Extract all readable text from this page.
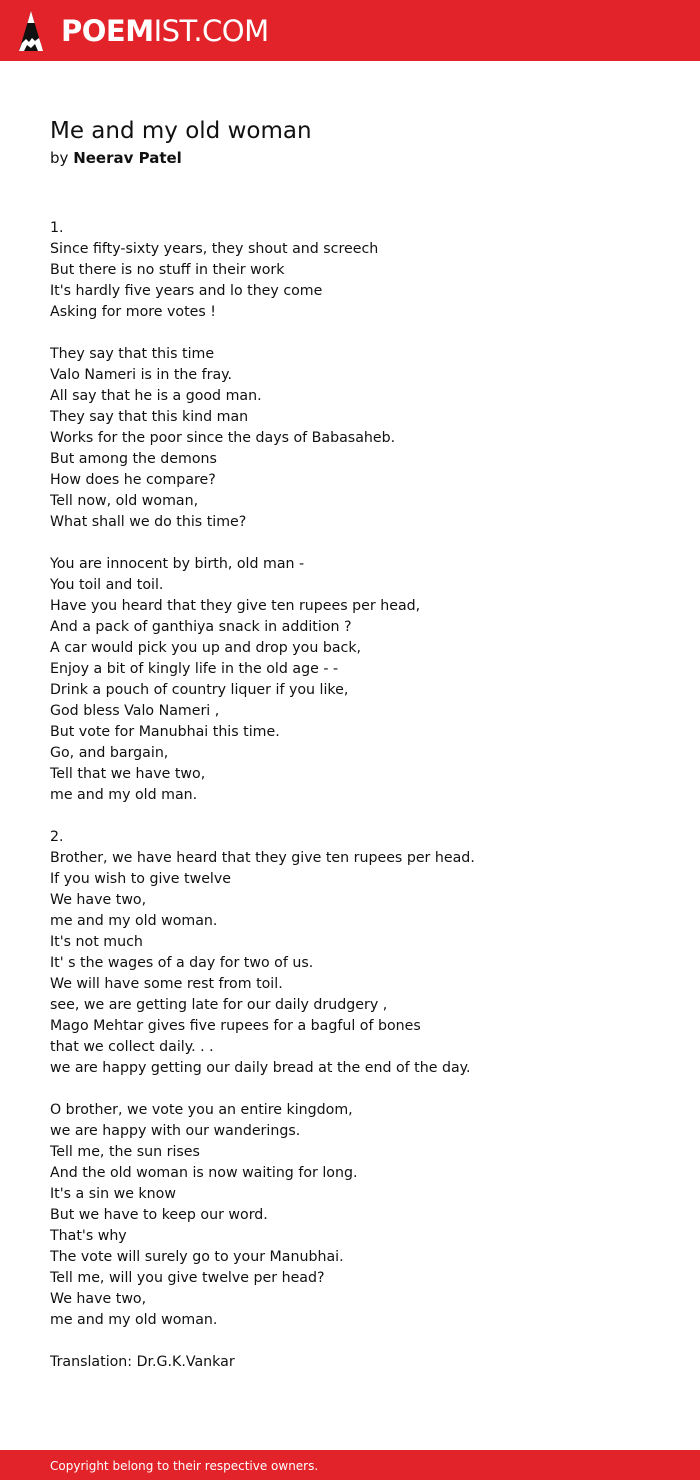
POEMIST.COM
Me and my old woman
by Neerav Patel
1.
Since fifty-sixty years, they shout and screech
But there is no stuff in their work
It's hardly five years and lo they come
Asking for more votes !
They say that this time
Valo Nameri is in the fray.
All say that he is a good man.
They say that this kind man
Works for the poor since the days of Babasaheb.
But among the demons
How does he compare?
Tell now, old woman,
What shall we do this time?
You are innocent by birth, old man -
You toil and toil.
Have you heard that they give ten rupees per head,
And a pack of ganthiya snack in addition ?
A car would pick you up and drop you back,
Enjoy a bit of kingly life in the old age - -
Drink a pouch of country liquer if you like,
God bless Valo Nameri ,
But vote for Manubhai this time.
Go, and bargain,
Tell that we have two,
me and my old man.
2.
Brother, we have heard that they give ten rupees per head.
If you wish to give twelve
We have two,
me and my old woman.
It's not much
It' s the wages of a day for two of us.
We will have some rest from toil.
see, we are getting late for our daily drudgery ,
Mago Mehtar gives five rupees for a bagful of bones
that we collect daily. . .
we are happy getting our daily bread at the end of the day.
O brother, we vote you an entire kingdom,
we are happy with our wanderings.
Tell me, the sun rises
And the old woman is now waiting for long.
It's a sin we know
But we have to keep our word.
That's why
The vote will surely go to your Manubhai.
Tell me, will you give twelve per head?
We have two,
me and my old woman.
Translation: Dr.G.K.Vankar
Copyright belong to their respective owners.
